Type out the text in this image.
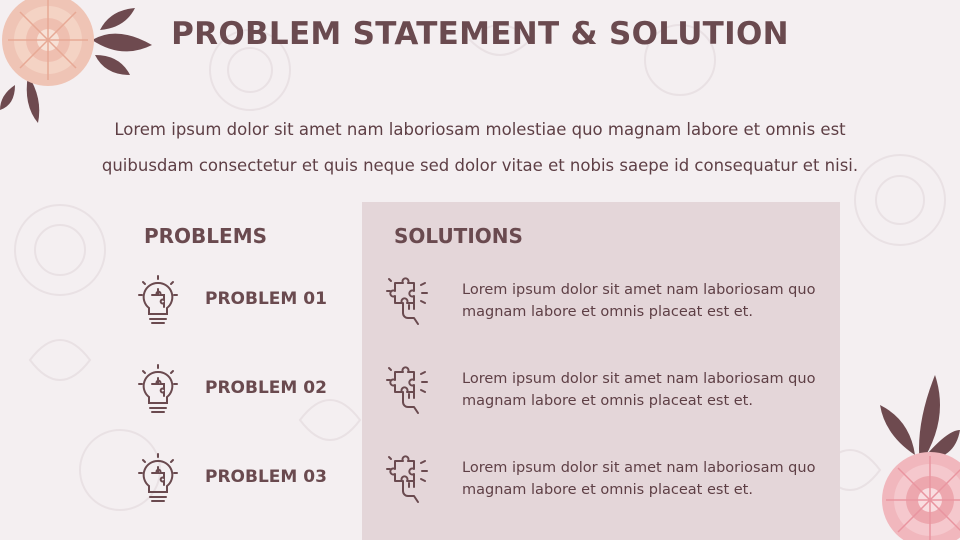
PROBLEM STATEMENT & SOLUTION
Lorem ipsum dolor sit amet nam laboriosam molestiae quo magnam labore et omnis est quibusdam consectetur et quis neque sed dolor vitae et nobis saepe id consequatur et nisi.
PROBLEMS	SOLUTIONS
PROBLEM 01
PROBLEM 02
PROBLEM 03
Lorem ipsum dolor sit amet nam laboriosam quo magnam labore et omnis placeat est et.
Lorem ipsum dolor sit amet nam laboriosam quo magnam labore et omnis placeat est et.
Lorem ipsum dolor sit amet nam laboriosam quo magnam labore et omnis placeat est et.
